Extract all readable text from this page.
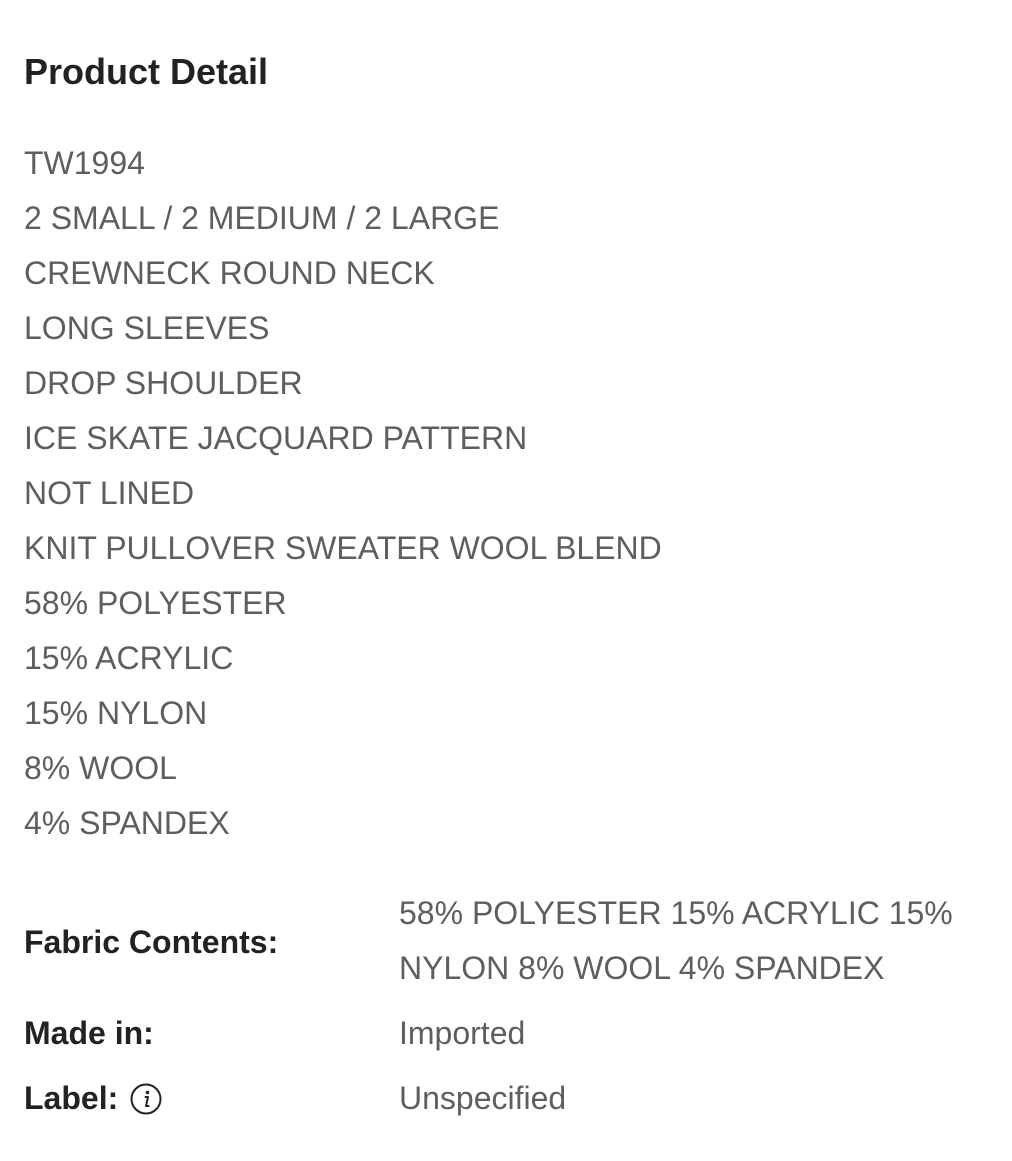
Product Detail
TW1994
2 SMALL / 2 MEDIUM / 2 LARGE
CREWNECK ROUND NECK
LONG SLEEVES
DROP SHOULDER
ICE SKATE JACQUARD PATTERN
NOT LINED
KNIT PULLOVER SWEATER WOOL BLEND
58% POLYESTER
15% ACRYLIC
15% NYLON
8% WOOL
4% SPANDEX
Fabric Contents:
58% POLYESTER 15% ACRYLIC 15% NYLON 8% WOOL 4% SPANDEX
Made in:	Imported
Label:	Unspecified
